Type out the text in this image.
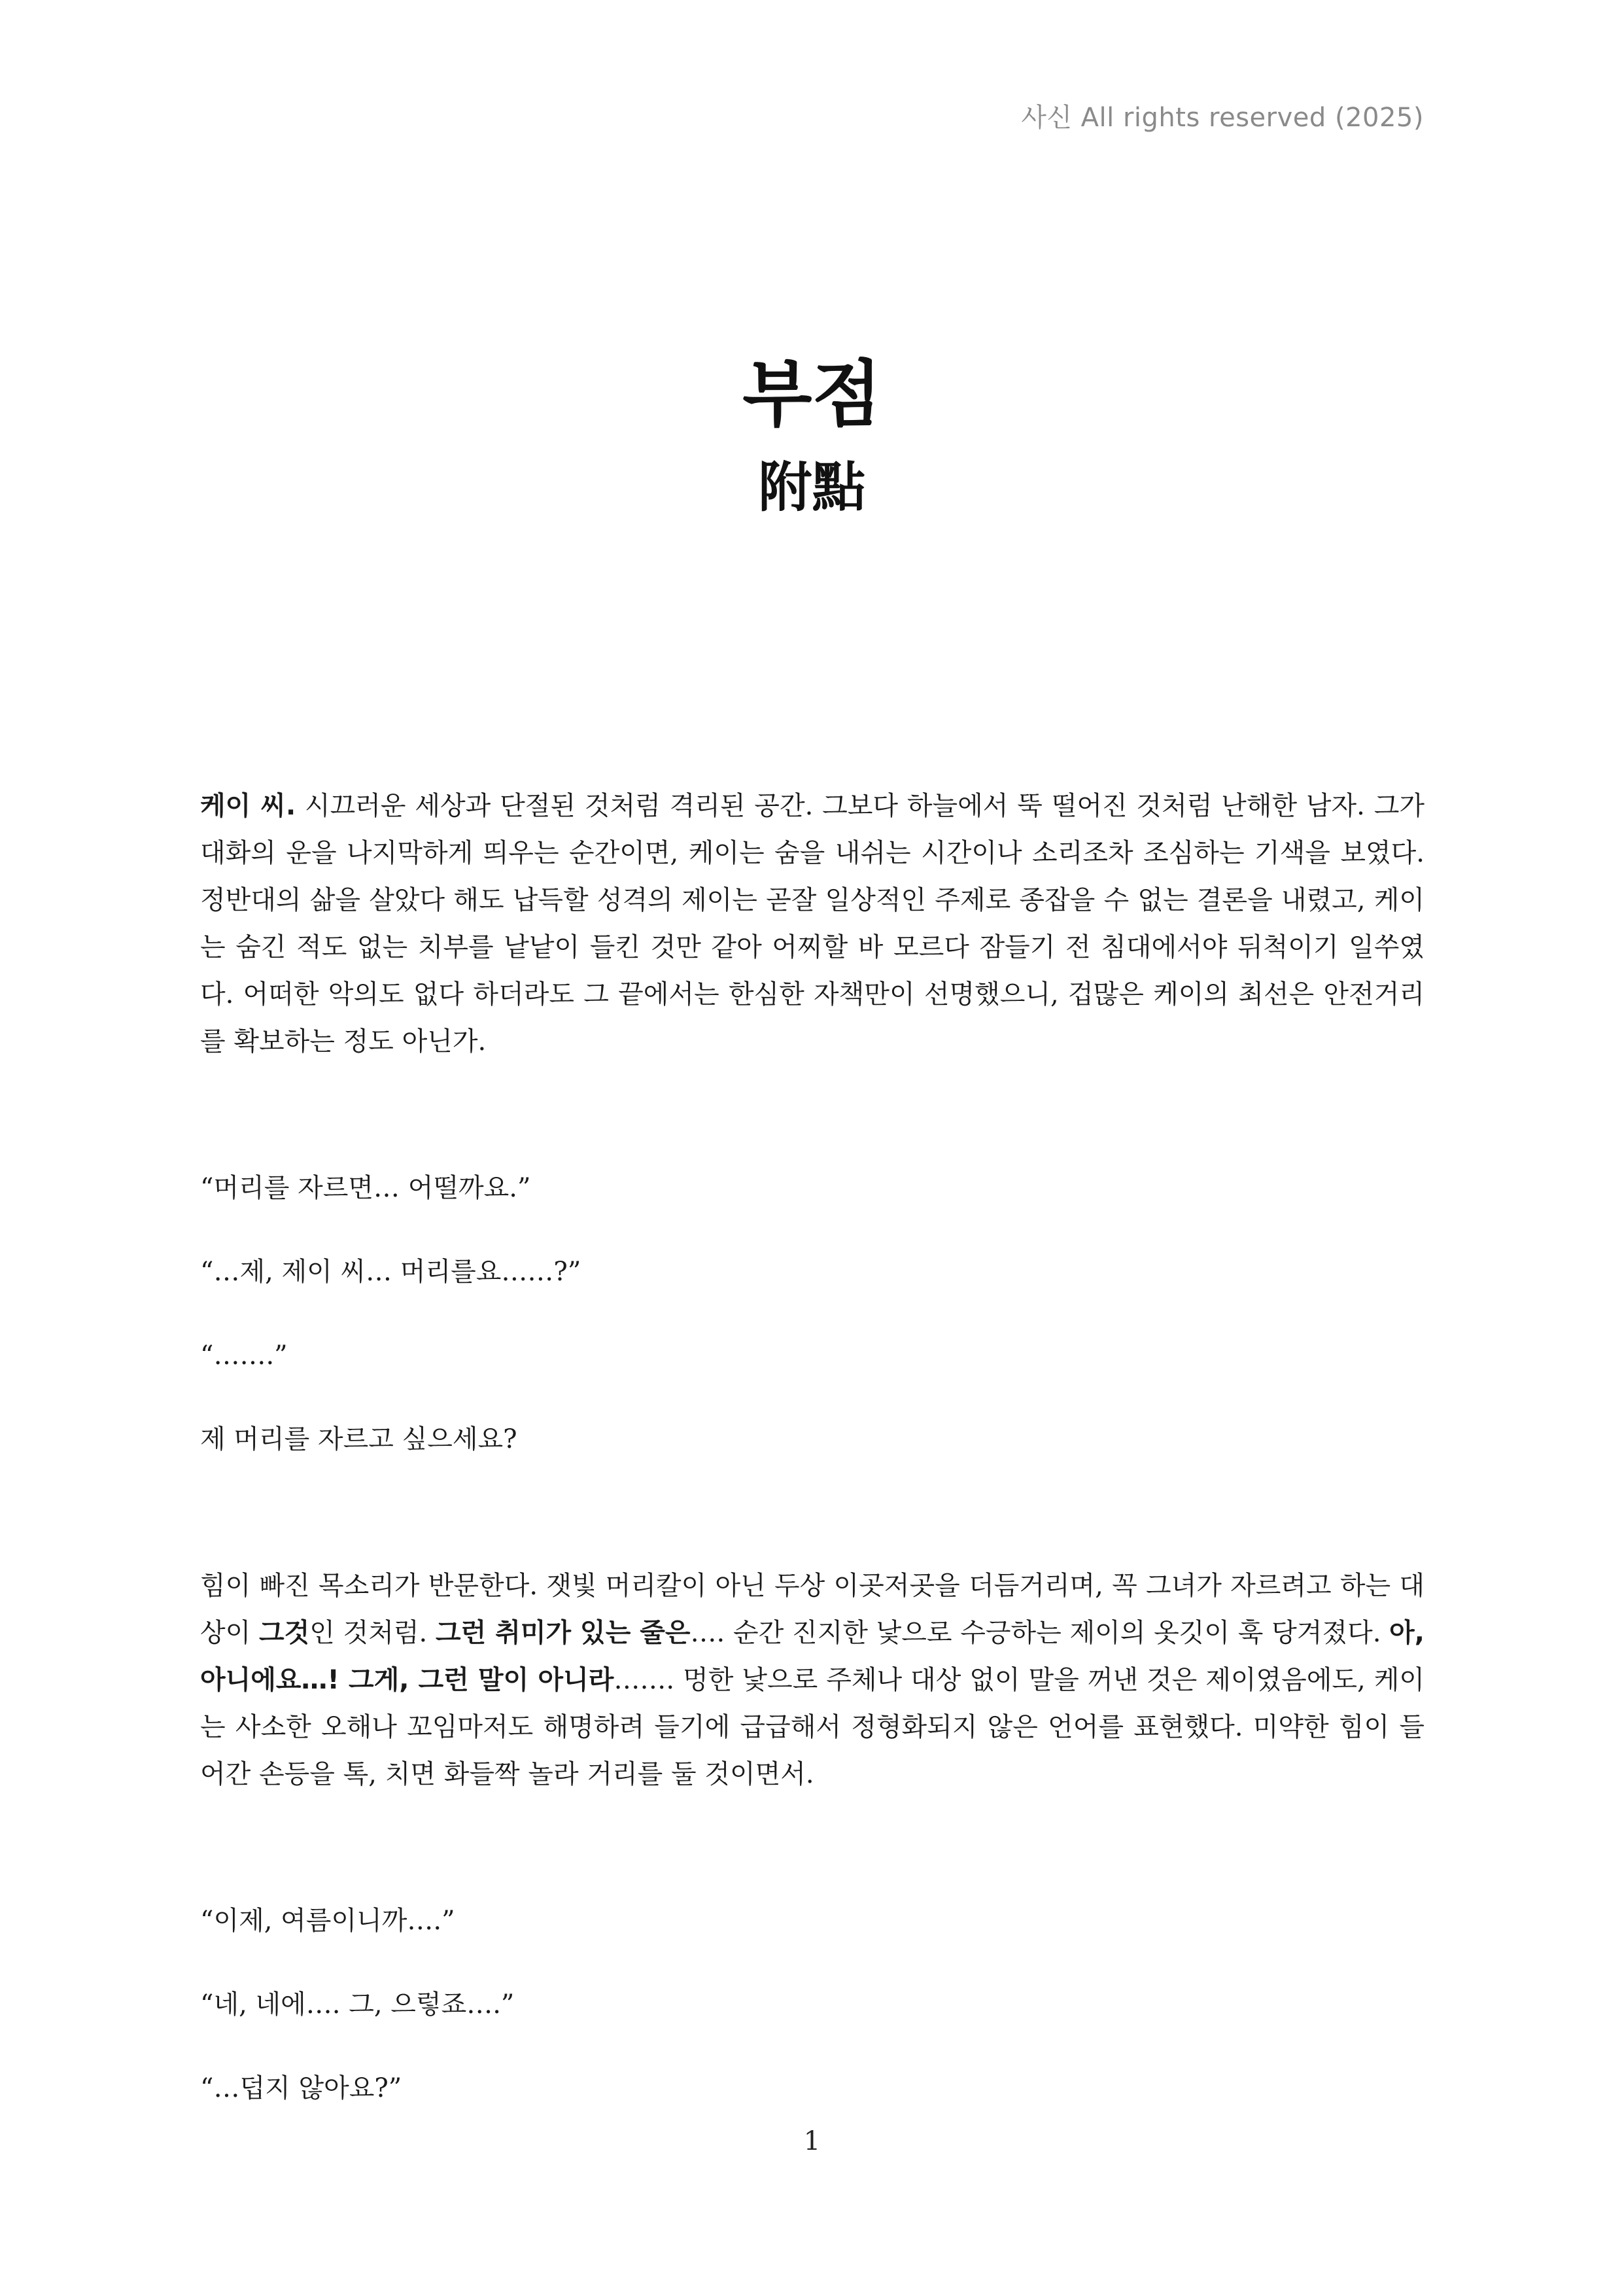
사신 All rights reserved (2025)
부점
附點

케이 씨. 시끄러운 세상과 단절된 것처럼 격리된 공간. 그보다 하늘에서 뚝 떨어진 것처럼 난해한 남자. 그가 대화의 운을 나지막하게 띄우는 순간이면, 케이는 숨을 내쉬는 시간이나 소리조차 조심하는 기색을 보였다. 정반대의 삶을 살았다 해도 납득할 성격의 제이는 곧잘 일상적인 주제로 종잡을 수 없는 결론을 내렸고, 케이는 숨긴 적도 없는 치부를 낱낱이 들킨 것만 같아 어찌할 바 모르다 잠들기 전 침대에서야 뒤척이기 일쑤였다. 어떠한 악의도 없다 하더라도 그 끝에서는 한심한 자책만이 선명했으니, 겁많은 케이의 최선은 안전거리를 확보하는 정도 아닌가.

“머리를 자르면… 어떨까요.”

“…제, 제이 씨… 머리를요……?”

“…….”

제 머리를 자르고 싶으세요?

힘이 빠진 목소리가 반문한다. 잿빛 머리칼이 아닌 두상 이곳저곳을 더듬거리며, 꼭 그녀가 자르려고 하는 대상이 그것인 것처럼. 그런 취미가 있는 줄은…. 순간 진지한 낯으로 수긍하는 제이의 옷깃이 훅 당겨졌다. 아, 아니에요…! 그게, 그런 말이 아니라……. 멍한 낯으로 주체나 대상 없이 말을 꺼낸 것은 제이였음에도, 케이는 사소한 오해나 꼬임마저도 해명하려 들기에 급급해서 정형화되지 않은 언어를 표현했다. 미약한 힘이 들어간 손등을 톡, 치면 화들짝 놀라 거리를 둘 것이면서.

“이제, 여름이니까….”

“네, 네에…. 그, 으렇죠….”

“…덥지 않아요?”

1
